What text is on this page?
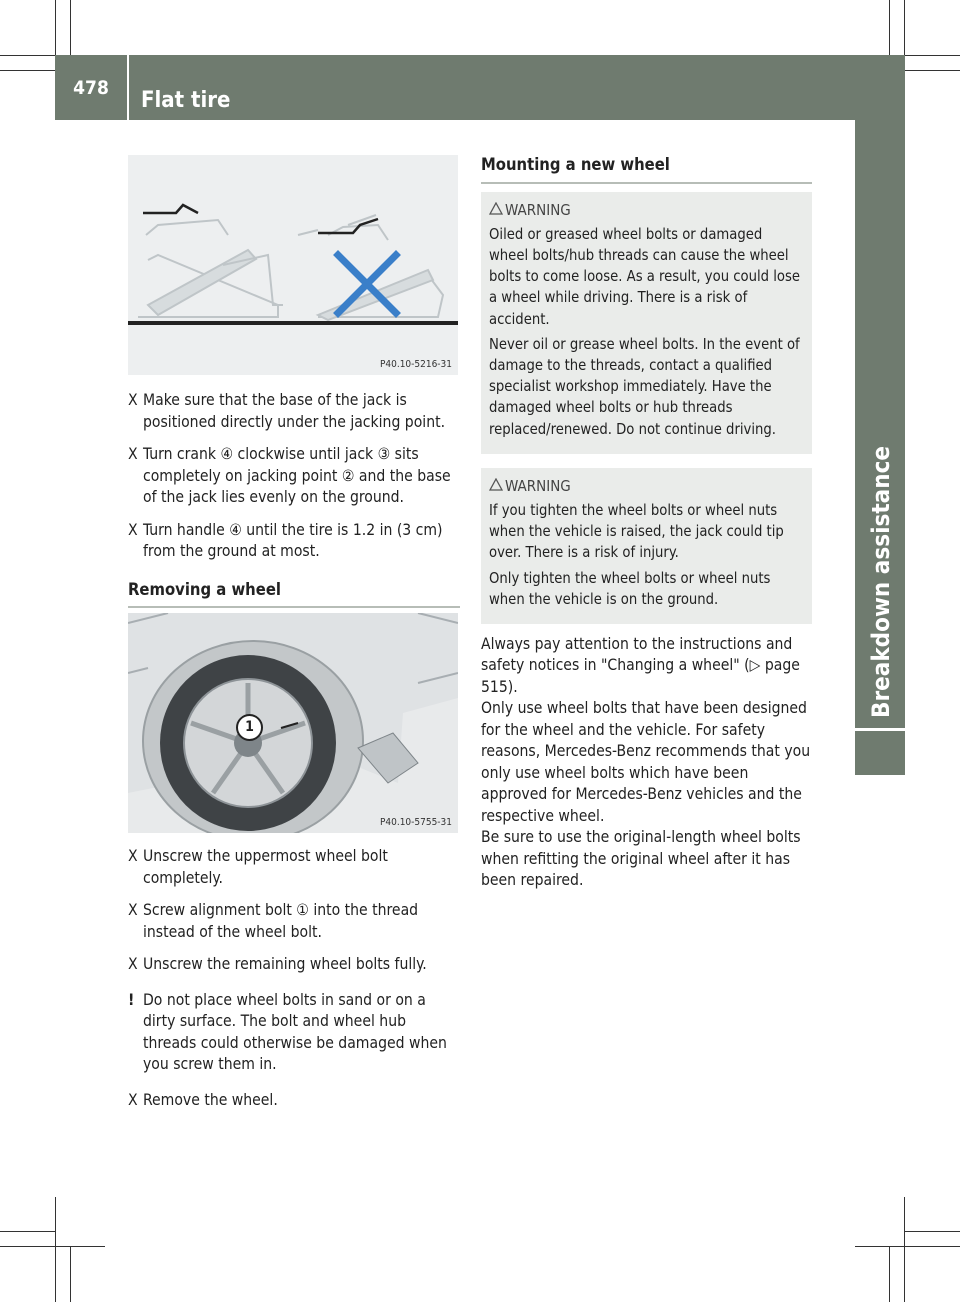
478
Flat tire
Breakdown assistance
P40.10-5216-31
X Make sure that the base of the jack is positioned directly under the jacking point.
X Turn crank ④ clockwise until jack ③ sits completely on jacking point ② and the base of the jack lies evenly on the ground.
X Turn handle ④ until the tire is 1.2 in (3 cm) from the ground at most.
Removing a wheel
1
P40.10-5755-31
X Unscrew the uppermost wheel bolt completely.
X Screw alignment bolt ① into the thread instead of the wheel bolt.
X Unscrew the remaining wheel bolts fully.
! Do not place wheel bolts in sand or on a dirty surface. The bolt and wheel hub threads could otherwise be damaged when you screw them in.
X Remove the wheel.
Mounting a new wheel
WARNING

Oiled or greased wheel bolts or damaged wheel bolts/hub threads can cause the wheel bolts to come loose. As a result, you could lose a wheel while driving. There is a risk of accident.

Never oil or grease wheel bolts. In the event of damage to the threads, contact a qualified specialist workshop immediately. Have the damaged wheel bolts or hub threads replaced/renewed. Do not continue driving.

WARNING

If you tighten the wheel bolts or wheel nuts when the vehicle is raised, the jack could tip over. There is a risk of injury.

Only tighten the wheel bolts or wheel nuts when the vehicle is on the ground.

Always pay attention to the instructions and safety notices in "Changing a wheel" (▷ page 515).

Only use wheel bolts that have been designed for the wheel and the vehicle. For safety reasons, Mercedes-Benz recommends that you only use wheel bolts which have been approved for Mercedes-Benz vehicles and the respective wheel.

Be sure to use the original-length wheel bolts when refitting the original wheel after it has been repaired.
